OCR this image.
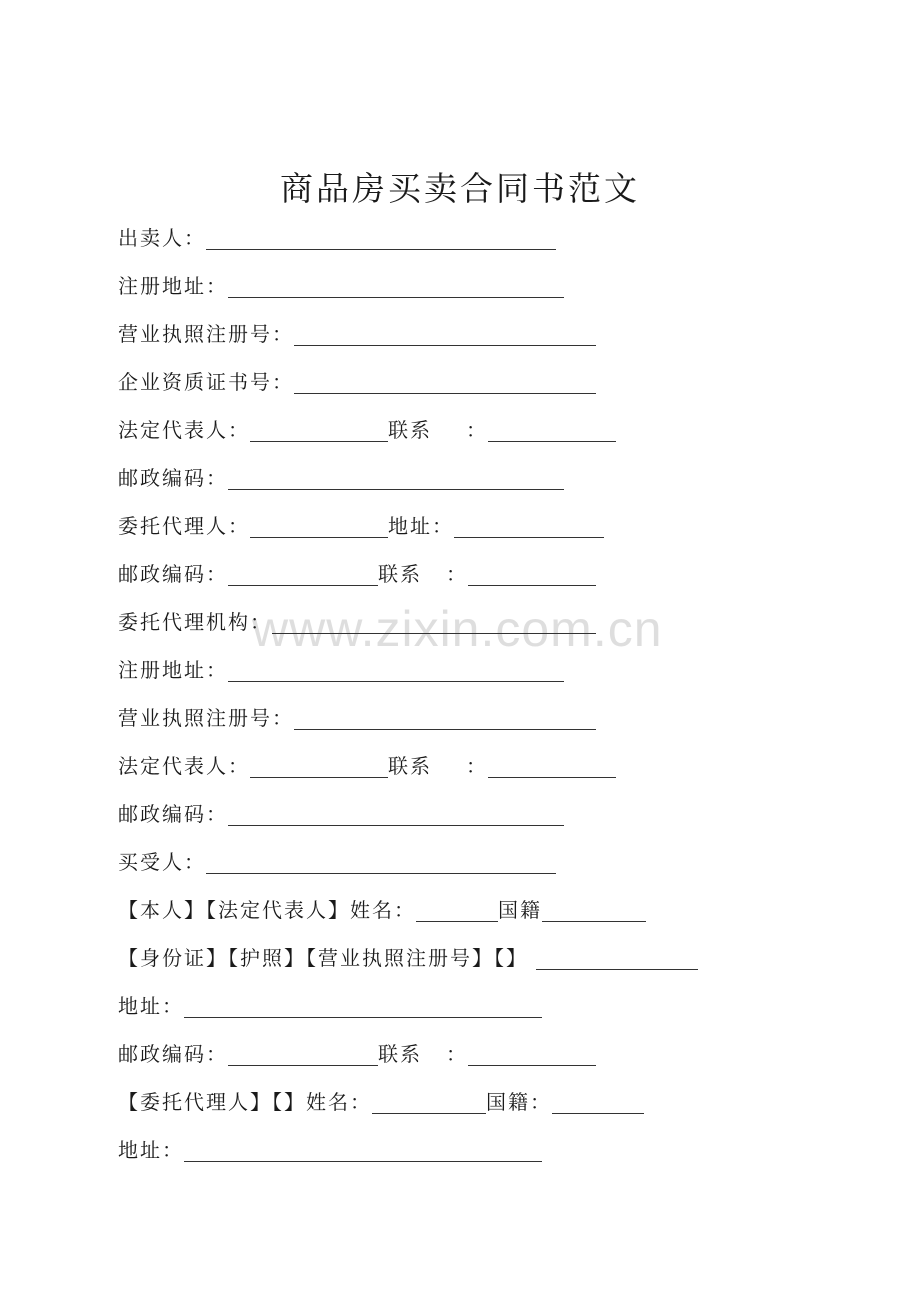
商品房买卖合同书范文
www.zixin.com.cn
出卖人：
注册地址：
营业执照注册号：
企业资质证书号：
法定代表人：	联系 ：
邮政编码：
委托代理人：	地址：
邮政编码：	联系 ：
委托代理机构：
注册地址：
营业执照注册号：
法定代表人：	联系 ：
邮政编码：
买受人：
【本人】【法定代表人】姓名：	国籍
【身份证】【护照】【营业执照注册号】【】
地址：
邮政编码：	联系 ：
【委托代理人】【】姓名：	国籍：
地址：
